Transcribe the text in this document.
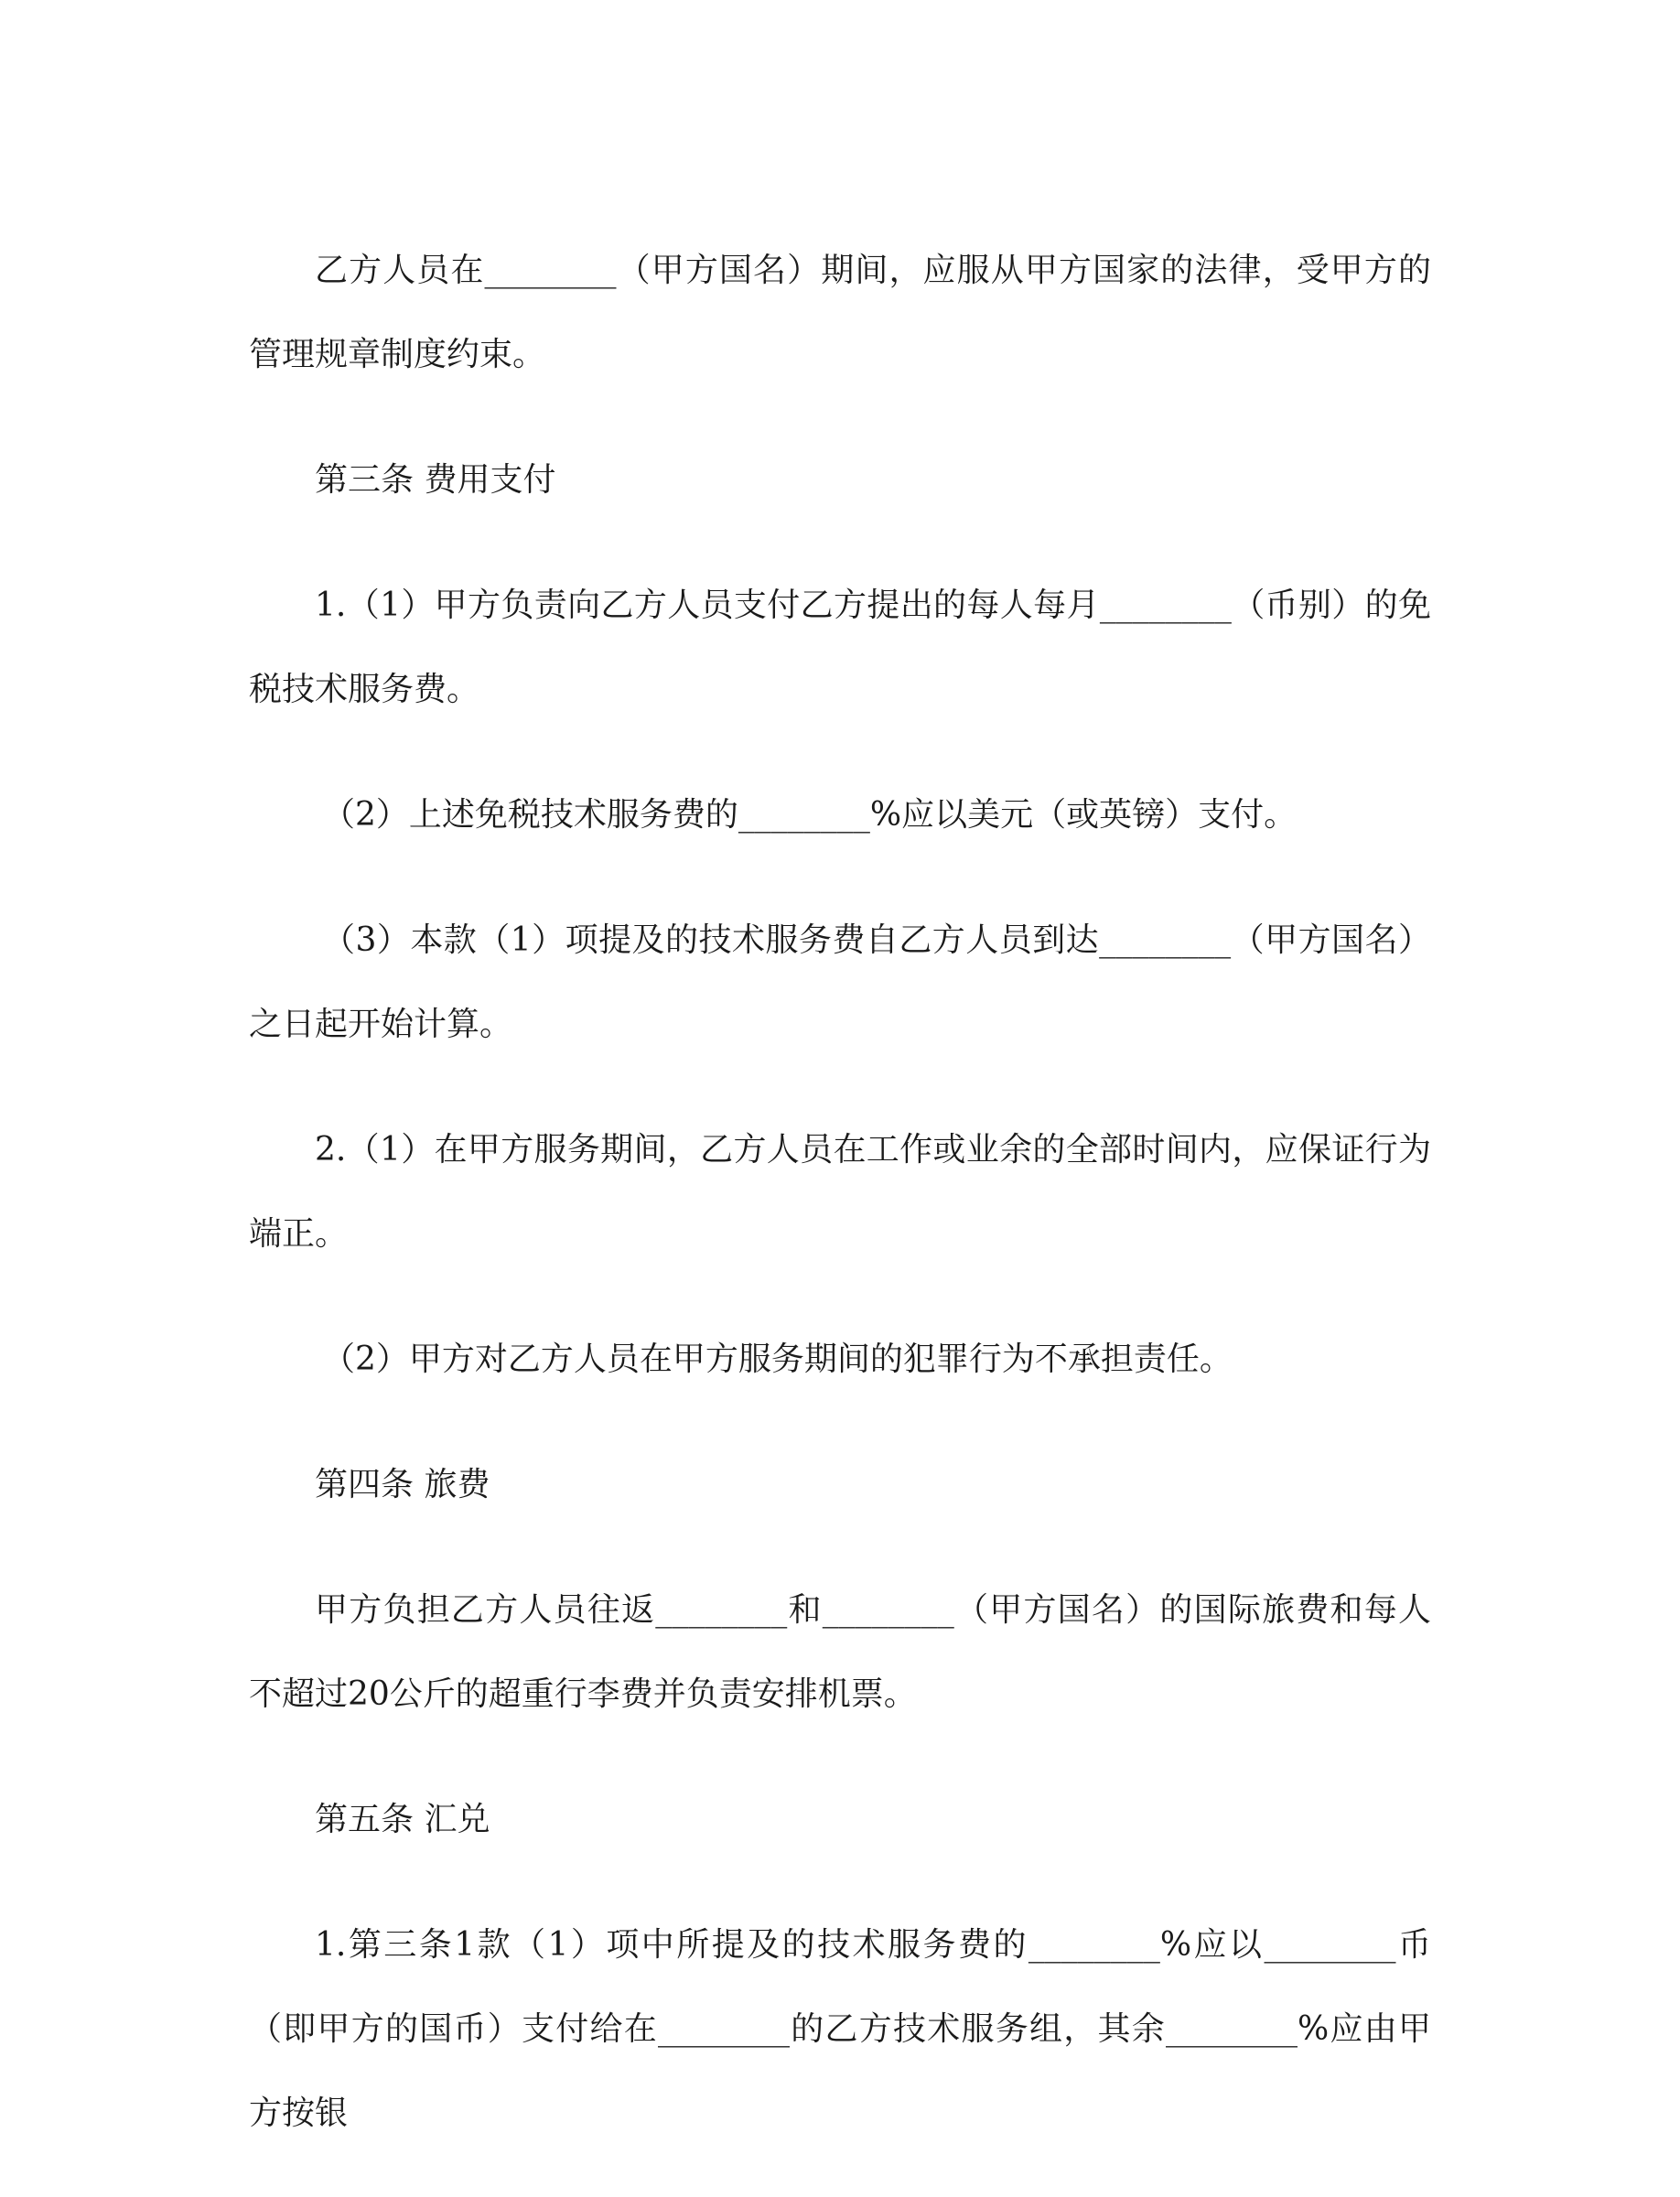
乙方人员在________（甲方国名）期间，应服从甲方国家的法律，受甲方的管理规章制度约束。

第三条 费用支付

1.（1）甲方负责向乙方人员支付乙方提出的每人每月________（币别）的免税技术服务费。

（2）上述免税技术服务费的________%应以美元（或英镑）支付。

（3）本款（1）项提及的技术服务费自乙方人员到达________（甲方国名）之日起开始计算。

2.（1）在甲方服务期间，乙方人员在工作或业余的全部时间内，应保证行为端正。

（2）甲方对乙方人员在甲方服务期间的犯罪行为不承担责任。

第四条 旅费

甲方负担乙方人员往返________和________（甲方国名）的国际旅费和每人不超过20公斤的超重行李费并负责安排机票。

第五条 汇兑

1.第三条1款（1）项中所提及的技术服务费的________%应以________币（即甲方的国币）支付给在________的乙方技术服务组，其余________%应由甲方按银
